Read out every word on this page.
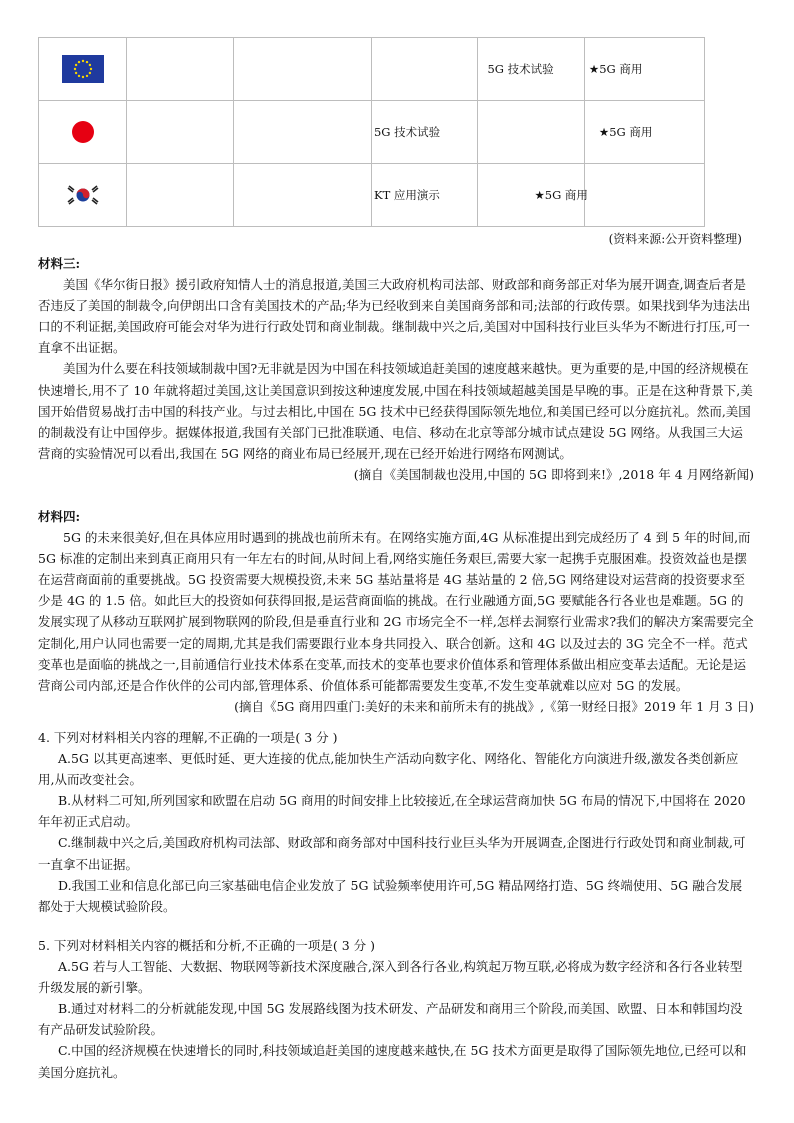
				5G 技术试验	★5G 商用

			5G 技术试验		★5G 商用

			KT 应用演示	★5G 商用	
(资料来源:公开资料整理)

材料三:

美国《华尔街日报》援引政府知情人士的消息报道,美国三大政府机构司法部、财政部和商务部正对华为展开调查,调查后者是否违反了美国的制裁令,向伊朗出口含有美国技术的产品;华为已经收到来自美国商务部和司;法部的行政传票。如果找到华为违法出口的不利证据,美国政府可能会对华为进行行政处罚和商业制裁。继制裁中兴之后,美国对中国科技行业巨头华为不断进行打压,可一直拿不出证据。

美国为什么要在科技领域制裁中国?无非就是因为中国在科技领域追赶美国的速度越来越快。更为重要的是,中国的经济规模在快速增长,用不了 10 年就将超过美国,这让美国意识到按这种速度发展,中国在科技领域超越美国是早晚的事。正是在这种背景下,美国开始借贸易战打击中国的科技产业。与过去相比,中国在 5G 技术中已经获得国际领先地位,和美国已经可以分庭抗礼。然而,美国的制裁没有让中国停步。据媒体报道,我国有关部门已批准联通、电信、移动在北京等部分城市试点建设 5G 网络。从我国三大运营商的实验情况可以看出,我国在 5G 网络的商业布局已经展开,现在已经开始进行网络布网测试。

(摘自《美国制裁也没用,中国的 5G 即将到来!》,2018 年 4 月网络新闻)

材料四:

5G 的未来很美好,但在具体应用时遇到的挑战也前所未有。在网络实施方面,4G 从标准提出到完成经历了 4 到 5 年的时间,而 5G 标准的定制出来到真正商用只有一年左右的时间,从时间上看,网络实施任务艰巨,需要大家一起携手克服困难。投资效益也是摆在运营商面前的重要挑战。5G 投资需要大规模投资,未来 5G 基站量将是 4G 基站量的 2 倍,5G 网络建设对运营商的投资要求至少是 4G 的 1.5 倍。如此巨大的投资如何获得回报,是运营商面临的挑战。在行业融通方面,5G 要赋能各行各业也是难题。5G 的发展实现了从移动互联网扩展到物联网的阶段,但是垂直行业和 2G 市场完全不一样,怎样去洞察行业需求?我们的解决方案需要完全定制化,用户认同也需要一定的周期,尤其是我们需要跟行业本身共同投入、联合创新。这和 4G 以及过去的 3G 完全不一样。范式变革也是面临的挑战之一,目前通信行业技术体系在变革,而技术的变革也要求价值体系和管理体系做出相应变革去适配。无论是运营商公司内部,还是合作伙伴的公司内部,管理体系、价值体系可能都需要发生变革,不发生变革就难以应对 5G 的发展。

(摘自《5G 商用四重门:美好的未来和前所未有的挑战》,《第一财经日报》2019 年 1 月 3 日)

4. 下列对材料相关内容的理解,不正确的一项是( 3 分 )

A.5G 以其更高速率、更低时延、更大连接的优点,能加快生产活动向数字化、网络化、智能化方向演进升级,激发各类创新应用,从而改变社会。

B.从材料二可知,所列国家和欧盟在启动 5G 商用的时间安排上比较接近,在全球运营商加快 5G 布局的情况下,中国将在 2020 年年初正式启动。

C.继制裁中兴之后,美国政府机构司法部、财政部和商务部对中国科技行业巨头华为开展调查,企图进行行政处罚和商业制裁,可一直拿不出证据。

D.我国工业和信息化部已向三家基础电信企业发放了 5G 试验频率使用许可,5G 精品网络打造、5G 终端使用、5G 融合发展都处于大规模试验阶段。

5. 下列对材料相关内容的概括和分析,不正确的一项是( 3 分 )

A.5G 若与人工智能、大数据、物联网等新技术深度融合,深入到各行各业,构筑起万物互联,必将成为数字经济和各行各业转型升级发展的新引擎。

B.通过对材料二的分析就能发现,中国 5G 发展路线图为技术研发、产品研发和商用三个阶段,而美国、欧盟、日本和韩国均没有产品研发试验阶段。

C.中国的经济规模在快速增长的同时,科技领域追赶美国的速度越来越快,在 5G 技术方面更是取得了国际领先地位,已经可以和美国分庭抗礼。
